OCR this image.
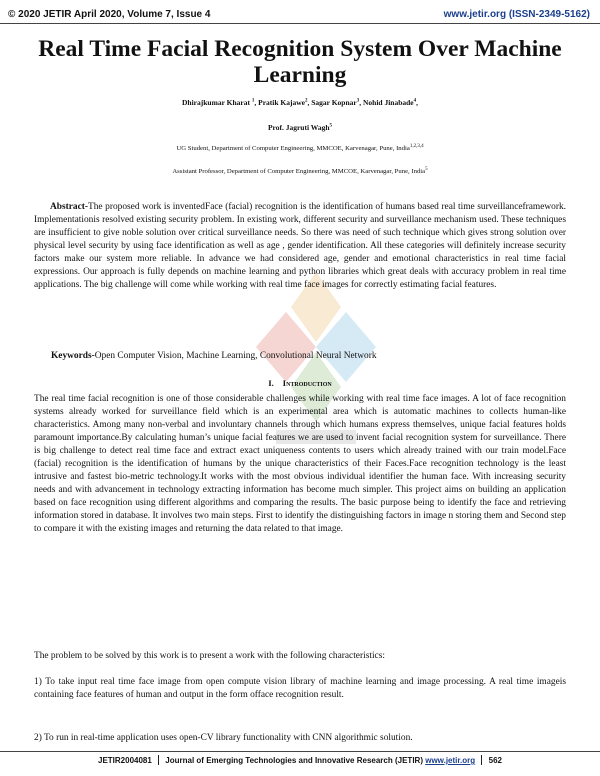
© 2020 JETIR April 2020, Volume 7, Issue 4	www.jetir.org (ISSN-2349-5162)
Real Time Facial Recognition System Over Machine Learning
Dhirajkumar Kharat $^1$, Pratik Kajawe$^2$, Sagar Kopnar$^3$, Nohid Jinabade$^4$,
Prof. Jagruti Wagh$^5$
UG Student, Department of Computer Engineering, MMCOE, Karvenagar, Pune, India$^{1,2,3,4}$
Assistant Professor, Department of Computer Engineering, MMCOE, Karvenagar, Pune, India$^5$

Abstract-The proposed work is inventedFace (facial) recognition is the identification of humans based real time surveillanceframework. Implementationis resolved existing security problem. In existing work, different security and surveillance mechanism used. These techniques are insufficient to give noble solution over critical surveillance needs. So there was need of such technique which gives strong solution over physical level security by using face identification as well as age , gender identification. All these categories will definitely increase security factors make our system more reliable. In advance we had considered age, gender and emotional characteristics in real time facial expressions. Our approach is fully depends on machine learning and python libraries which great deals with accuracy problem in real time applications. The big challenge will come while working with real time face images for correctly estimating facial features.

Keywords-Open Computer Vision, Machine Learning, Convolutional Neural Network

I. Introduction

The real time facial recognition is one of those considerable challenges while working with real time face images. A lot of face recognition systems already worked for surveillance field which is an experimental area which is automatic machines to collects human-like characteristics. Among many non-verbal and involuntary channels through which humans express themselves, unique facial features holds paramount importance.By calculating human’s unique facial features we are used to invent facial recognition system for surveillance. There is big challenge to detect real time face and extract exact uniqueness contents to users which already trained with our train model.Face (facial) recognition is the identification of humans by the unique characteristics of their Faces.Face recognition technology is the least intrusive and fastest bio-metric technology.It works with the most obvious individual identifier the human face. With increasing security needs and with advancement in technology extracting information has become much simpler. This project aims on building an application based on face recognition using different algorithms and comparing the results. The basic purpose being to identify the face and retrieving information stored in database. It involves two main steps. First to identify the distinguishing factors in image n storing them and Second step to compare it with the existing images and returning the data related to that image.

The problem to be solved by this work is to present a work with the following characteristics:

1) To take input real time face image from open compute vision library of machine learning and image processing. A real time imageis containing face features of human and output in the form offace recognition result.

2) To run in real-time application uses open-CV library functionality with CNN algorithmic solution.

JETIR2004081 Journal of Emerging Technologies and Innovative Research (JETIR) www.jetir.org 562
